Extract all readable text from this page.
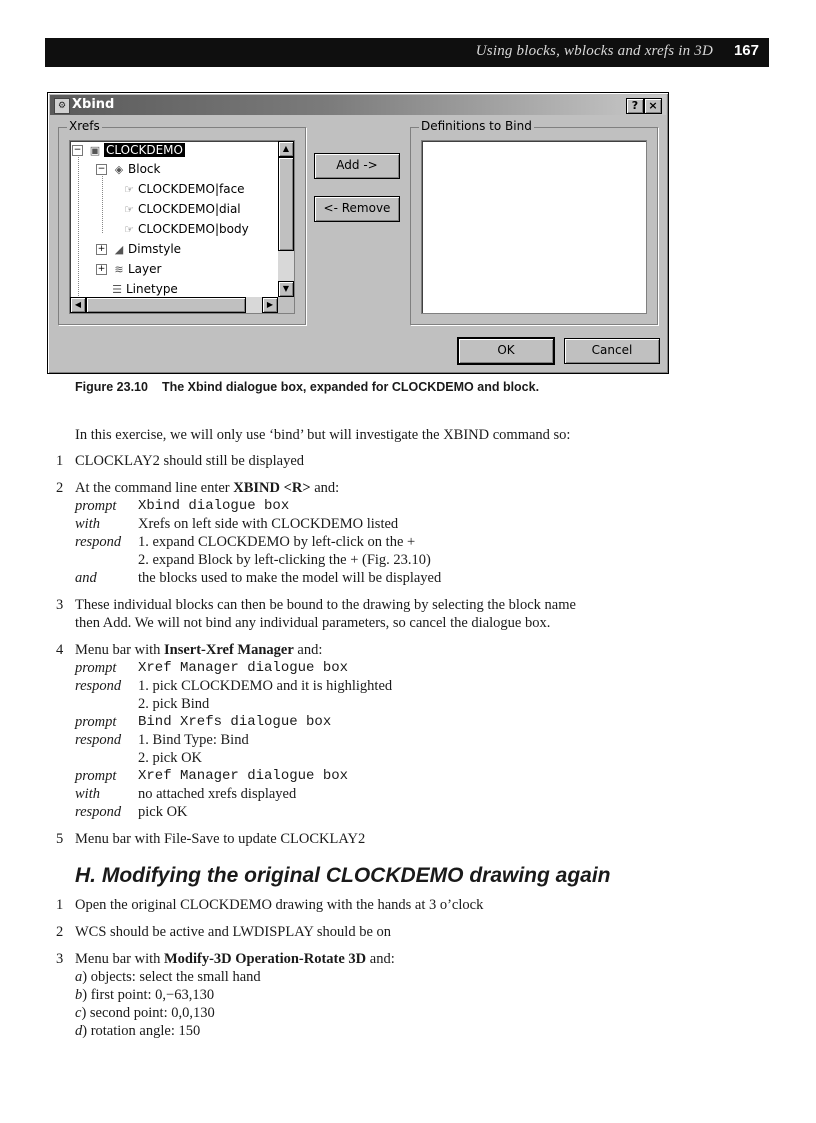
Using blocks, wblocks and xrefs in 3D 167
⚙ Xbind	? ×
Xrefs
− ▣ CLOCKDEMO
− ◈ Block
☞ CLOCKDEMO|face
☞ CLOCKDEMO|dial
☞ CLOCKDEMO|body
+ ◢ Dimstyle
+ ≋ Layer
☰ Linetype
▲
▼
◀	▶
Add ->
<- Remove
Definitions to Bind
OK	Cancel
Figure 23.10 The Xbind dialogue box, expanded for CLOCKDEMO and block.
In this exercise, we will only use ‘bind’ but will investigate the XBIND command so:
1 CLOCKLAY2 should still be displayed
2 At the command line enter XBIND <R> and:
prompt Xbind dialogue box
with	Xrefs on left side with CLOCKDEMO listed
respond 1. expand CLOCKDEMO by left-click on the +
2. expand Block by left-clicking the + (Fig. 23.10)
and	the blocks used to make the model will be displayed
3 These individual blocks can then be bound to the drawing by selecting the block name
then Add. We will not bind any individual parameters, so cancel the dialogue box.
4 Menu bar with Insert-Xref Manager and:
prompt Xref Manager dialogue box
respond 1. pick CLOCKDEMO and it is highlighted
2. pick Bind
prompt Bind Xrefs dialogue box
respond 1. Bind Type: Bind
2. pick OK
prompt Xref Manager dialogue box
with	no attached xrefs displayed
respond pick OK
5 Menu bar with File-Save to update CLOCKLAY2
H. Modifying the original CLOCKDEMO drawing again
1 Open the original CLOCKDEMO drawing with the hands at 3 o’clock
2 WCS should be active and LWDISPLAY should be on
3 Menu bar with Modify-3D Operation-Rotate 3D and:
a) objects: select the small hand
b) first point: 0,−63,130
c) second point: 0,0,130
d) rotation angle: 150
